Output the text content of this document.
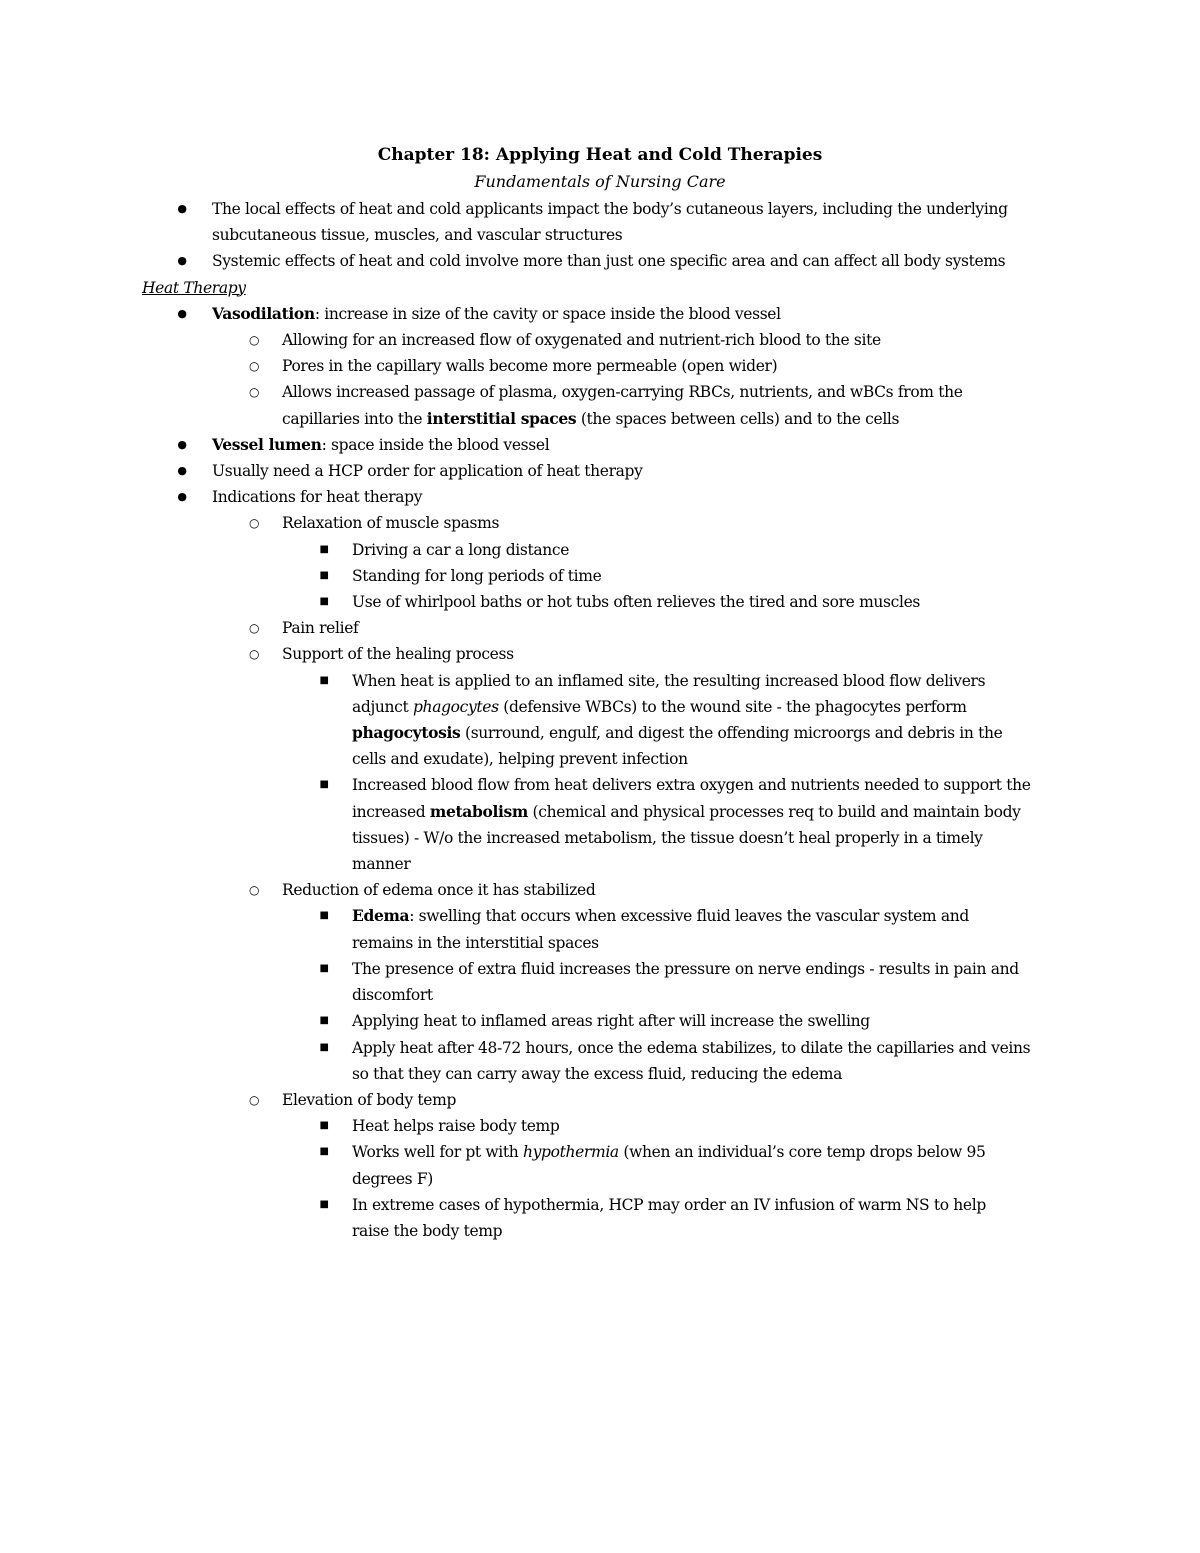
Chapter 18: Applying Heat and Cold Therapies
Fundamentals of Nursing Care
●	The local effects of heat and cold applicants impact the body’s cutaneous layers, including the underlying
subcutaneous tissue, muscles, and vascular structures
●	Systemic effects of heat and cold involve more than just one specific area and can affect all body systems
Heat Therapy
●	Vasodilation: increase in size of the cavity or space inside the blood vessel
○	Allowing for an increased flow of oxygenated and nutrient-rich blood to the site
○	Pores in the capillary walls become more permeable (open wider)
○	Allows increased passage of plasma, oxygen-carrying RBCs, nutrients, and wBCs from the
capillaries into the interstitial spaces (the spaces between cells) and to the cells
●	Vessel lumen: space inside the blood vessel
●	Usually need a HCP order for application of heat therapy
●	Indications for heat therapy
○	Relaxation of muscle spasms
■	Driving a car a long distance
■	Standing for long periods of time
■	Use of whirlpool baths or hot tubs often relieves the tired and sore muscles
○	Pain relief
○	Support of the healing process
■	When heat is applied to an inflamed site, the resulting increased blood flow delivers
adjunct phagocytes (defensive WBCs) to the wound site - the phagocytes perform
phagocytosis (surround, engulf, and digest the offending microorgs and debris in the
cells and exudate), helping prevent infection
■	Increased blood flow from heat delivers extra oxygen and nutrients needed to support the
increased metabolism (chemical and physical processes req to build and maintain body
tissues) - W/o the increased metabolism, the tissue doesn’t heal properly in a timely
manner
○	Reduction of edema once it has stabilized
■	Edema: swelling that occurs when excessive fluid leaves the vascular system and
remains in the interstitial spaces
■	The presence of extra fluid increases the pressure on nerve endings - results in pain and
discomfort
■	Applying heat to inflamed areas right after will increase the swelling
■	Apply heat after 48-72 hours, once the edema stabilizes, to dilate the capillaries and veins
so that they can carry away the excess fluid, reducing the edema
○	Elevation of body temp
■	Heat helps raise body temp
■	Works well for pt with hypothermia (when an individual’s core temp drops below 95
degrees F)
■	In extreme cases of hypothermia, HCP may order an IV infusion of warm NS to help
raise the body temp
